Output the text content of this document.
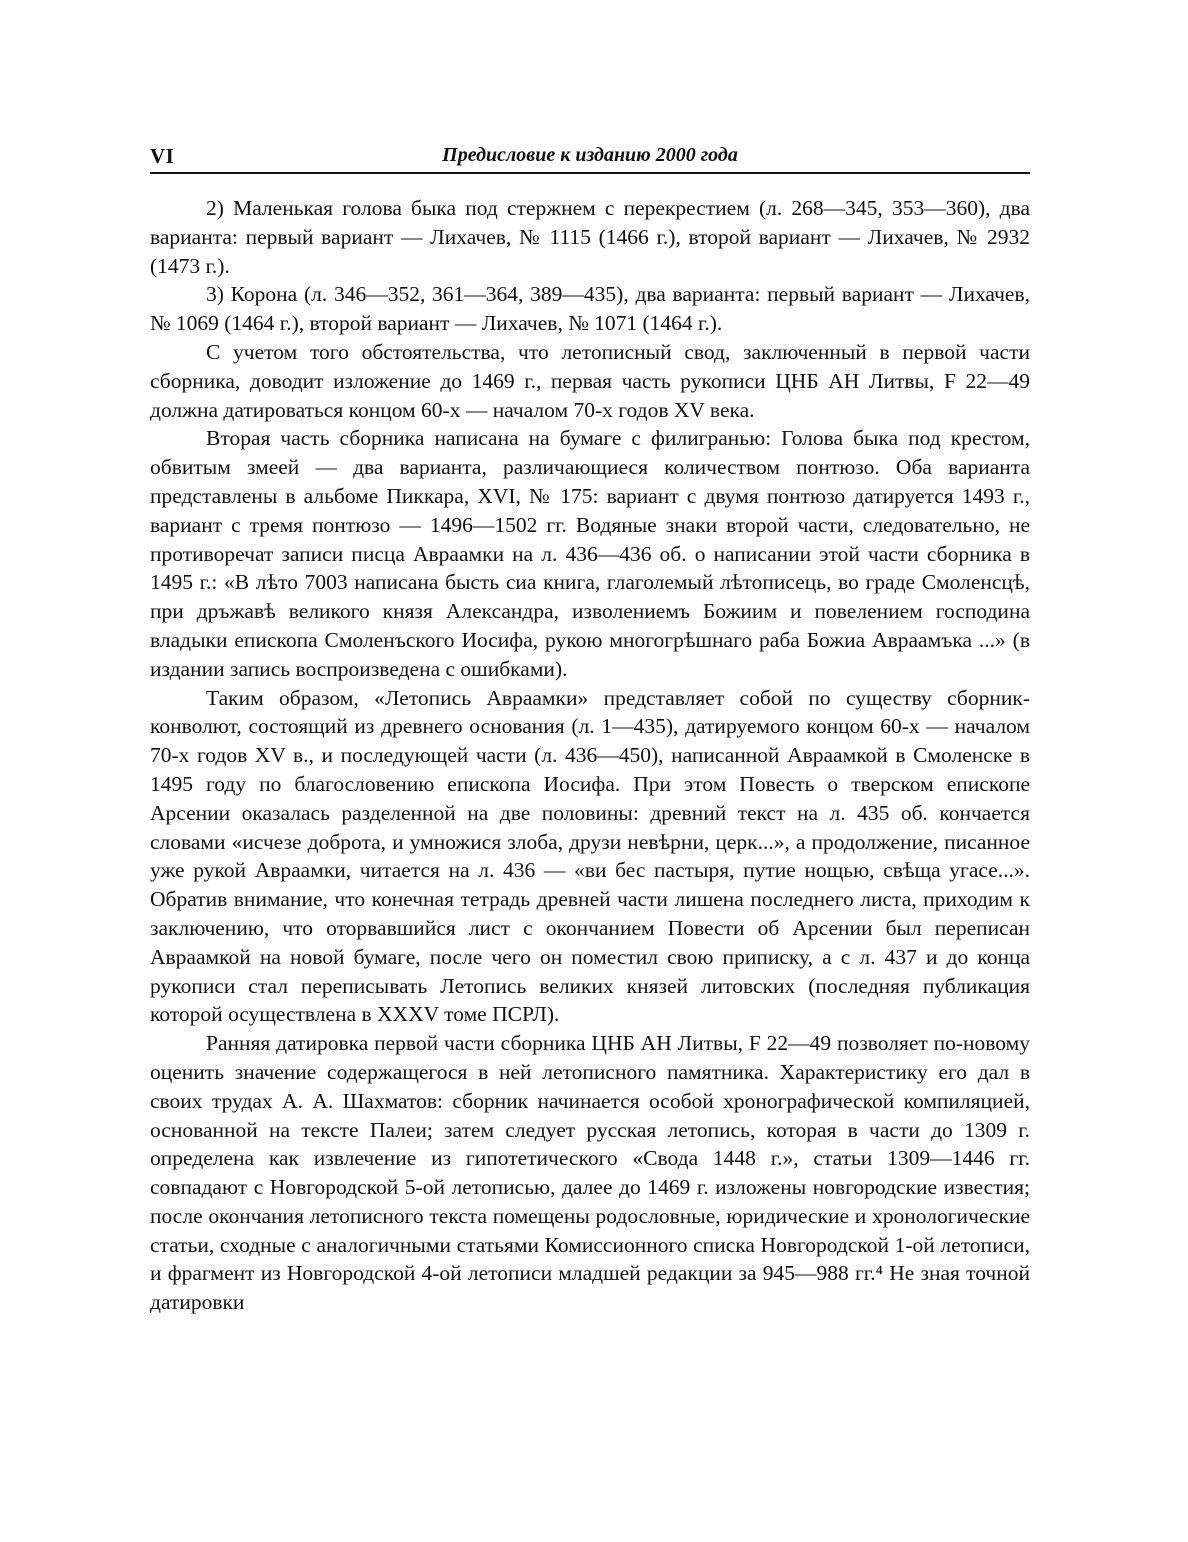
VI	Предисловие к изданию 2000 года

2) Маленькая голова быка под стержнем с перекрестием (л. 268—345, 353—360), два варианта: первый вариант — Лихачев, № 1115 (1466 г.), второй вариант — Лихачев, № 2932 (1473 г.).

3) Корона (л. 346—352, 361—364, 389—435), два варианта: первый вариант — Лихачев, № 1069 (1464 г.), второй вариант — Лихачев, № 1071 (1464 г.).

С учетом того обстоятельства, что летописный свод, заключенный в первой части сборника, доводит изложение до 1469 г., первая часть рукописи ЦНБ АН Литвы, F 22—49 должна датироваться концом 60-х — началом 70-х годов XV века.

Вторая часть сборника написана на бумаге с филигранью: Голова быка под крестом, обвитым змеей — два варианта, различающиеся количеством понтюзо. Оба варианта представлены в альбоме Пиккара, XVI, № 175: вариант с двумя понтюзо датируется 1493 г., вариант с тремя понтюзо — 1496—1502 гг. Водяные знаки второй части, следовательно, не противоречат записи писца Авраамки на л. 436—436 об. о написании этой части сборника в 1495 г.: «В лѣто 7003 написана бысть сиа книга, глаголемый лѣтописець, во граде Смоленсцѣ, при дръжавѣ великого князя Александра, изволениемъ Божиим и повелением господина владыки епископа Смоленъского Иосифа, рукою многогрѣшнаго раба Божиа Авраамъка ...» (в издании запись воспроизведена с ошибками).

Таким образом, «Летопись Авраамки» представляет собой по существу сборник-конволют, состоящий из древнего основания (л. 1—435), датируемого концом 60-х — началом 70-х годов XV в., и последующей части (л. 436—450), написанной Авраамкой в Смоленске в 1495 году по благословению епископа Иосифа. При этом Повесть о тверском епископе Арсении оказалась разделенной на две половины: древний текст на л. 435 об. кончается словами «исчезе доброта, и умножися злоба, друзи невѣрни, церк...», а продолжение, писанное уже рукой Авраамки, читается на л. 436 — «ви бес пастыря, путие нощью, свѣща угасе...». Обратив внимание, что конечная тетрадь древней части лишена последнего листа, приходим к заключению, что оторвавшийся лист с окончанием Повести об Арсении был переписан Авраамкой на новой бумаге, после чего он поместил свою приписку, а с л. 437 и до конца рукописи стал переписывать Летопись великих князей литовских (последняя публикация которой осуществлена в XXXV томе ПСРЛ).

Ранняя датировка первой части сборника ЦНБ АН Литвы, F 22—49 позволяет по-новому оценить значение содержащегося в ней летописного памятника. Характеристику его дал в своих трудах А. А. Шахматов: сборник начинается особой хронографической компиляцией, основанной на тексте Палеи; затем следует русская летопись, которая в части до 1309 г. определена как извлечение из гипотетического «Свода 1448 г.», статьи 1309—1446 гг. совпадают с Новгородской 5-ой летописью, далее до 1469 г. изложены новгородские известия; после окончания летописного текста помещены родословные, юридические и хронологические статьи, сходные с аналогичными статьями Комиссионного списка Новгородской 1-ой летописи, и фрагмент из Новгородской 4-ой летописи младшей редакции за 945—988 гг.⁴ Не зная точной датировки
